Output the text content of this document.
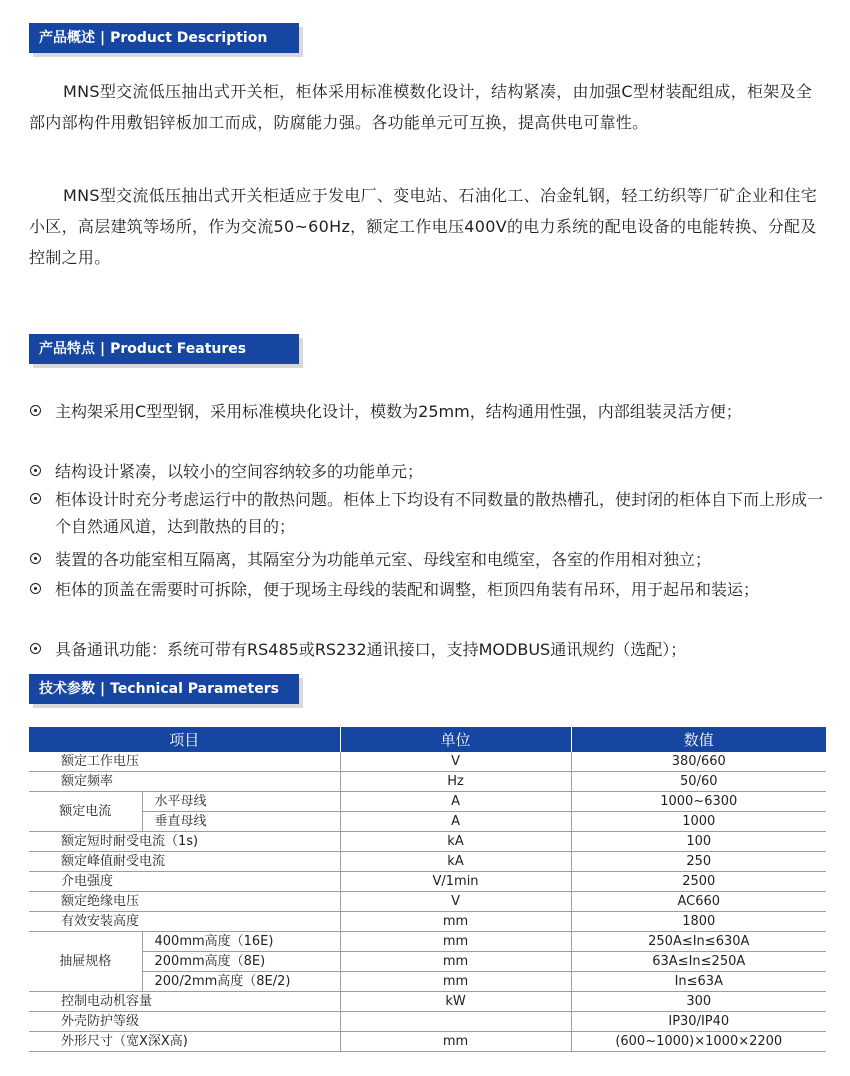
产品概述 | Product Description

MNS型交流低压抽出式开关柜，柜体采用标准模数化设计，结构紧凑，由加强C型材装配组成，柜架及全部内部构件用敷铝锌板加工而成，防腐能力强。各功能单元可互换，提高供电可靠性。

MNS型交流低压抽出式开关柜适应于发电厂、变电站、石油化工、冶金轧钢，轻工纺织等厂矿企业和住宅小区，高层建筑等场所，作为交流50~60Hz，额定工作电压400V的电力系统的配电设备的电能转换、分配及控制之用。

产品特点 | Product Features
主构架采用C型型钢，采用标准模块化设计，模数为25mm，结构通用性强，内部组装灵活方便；
结构设计紧凑，以较小的空间容纳较多的功能单元；
柜体设计时充分考虑运行中的散热问题。柜体上下均设有不同数量的散热槽孔，使封闭的柜体自下而上形成一个自然通风道，达到散热的目的；
装置的各功能室相互隔离，其隔室分为功能单元室、母线室和电缆室，各室的作用相对独立；
柜体的顶盖在需要时可拆除，便于现场主母线的装配和调整，柜顶四角装有吊环，用于起吊和装运；
具备通讯功能：系统可带有RS485或RS232通讯接口，支持MODBUS通讯规约（选配）；
技术参数 | Technical Parameters
项目		单位	数值
额定工作电压		V	380/660
额定频率		Hz	50/60
额定电流	水平母线	A	1000~6300
	垂直母线	A	1000
额定短时耐受电流（1s)		kA	100
额定峰值耐受电流		kA	250
介电强度		V/1min	2500
额定绝缘电压		V	AC660
有效安装高度		mm	1800
抽屉规格	400mm高度（16E)	mm	250A≤In≤630A
	200mm高度（8E)	mm	63A≤In≤250A
	200/2mm高度（8E/2)	mm	In≤63A
控制电动机容量		kW	300
外壳防护等级			IP30/IP40
外形尺寸（宽X深X高)		mm	(600~1000)×1000×2200
